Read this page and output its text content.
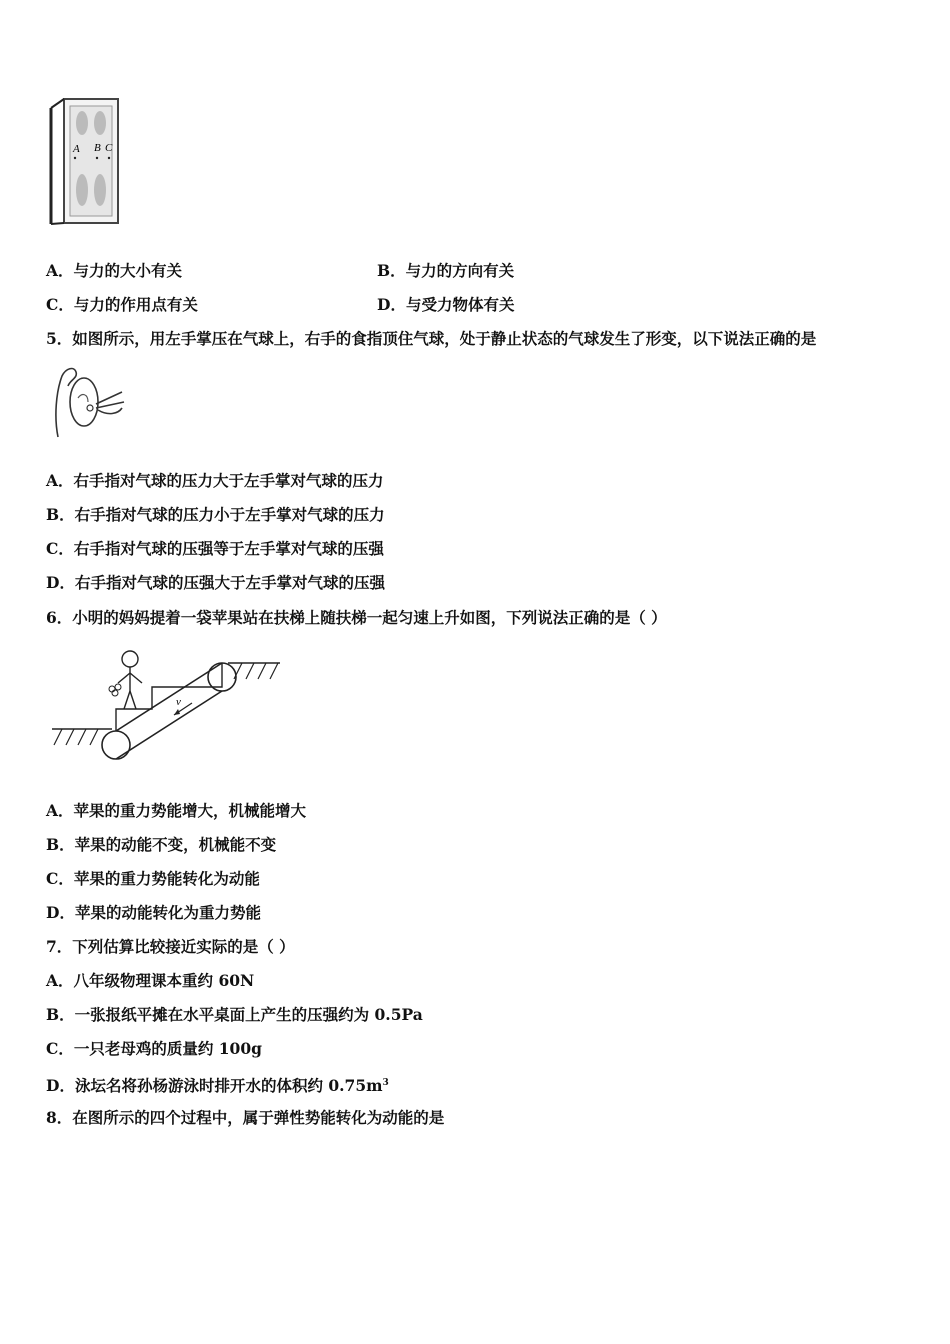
A B C
A．与力的大小有关	B．与力的方向有关
C．与力的作用点有关	D．与受力物体有关
5．如图所示，用左手掌压在气球上，右手的食指顶住气球，处于静止状态的气球发生了形变，以下说法正确的是
A．右手指对气球的压力大于左手掌对气球的压力
B．右手指对气球的压力小于左手掌对气球的压力
C．右手指对气球的压强等于左手掌对气球的压强
D．右手指对气球的压强大于左手掌对气球的压强
6．小明的妈妈提着一袋苹果站在扶梯上随扶梯一起匀速上升如图，下列说法正确的是（ ）
v
A．苹果的重力势能增大，机械能增大
B．苹果的动能不变，机械能不变
C．苹果的重力势能转化为动能
D．苹果的动能转化为重力势能
7．下列估算比较接近实际的是（ ）
A．八年级物理课本重约 60N
B．一张报纸平摊在水平桌面上产生的压强约为 0.5Pa
C．一只老母鸡的质量约 100g
D．泳坛名将孙杨游泳时排开水的体积约 $0.75m^3$
8．在图所示的四个过程中，属于弹性势能转化为动能的是
